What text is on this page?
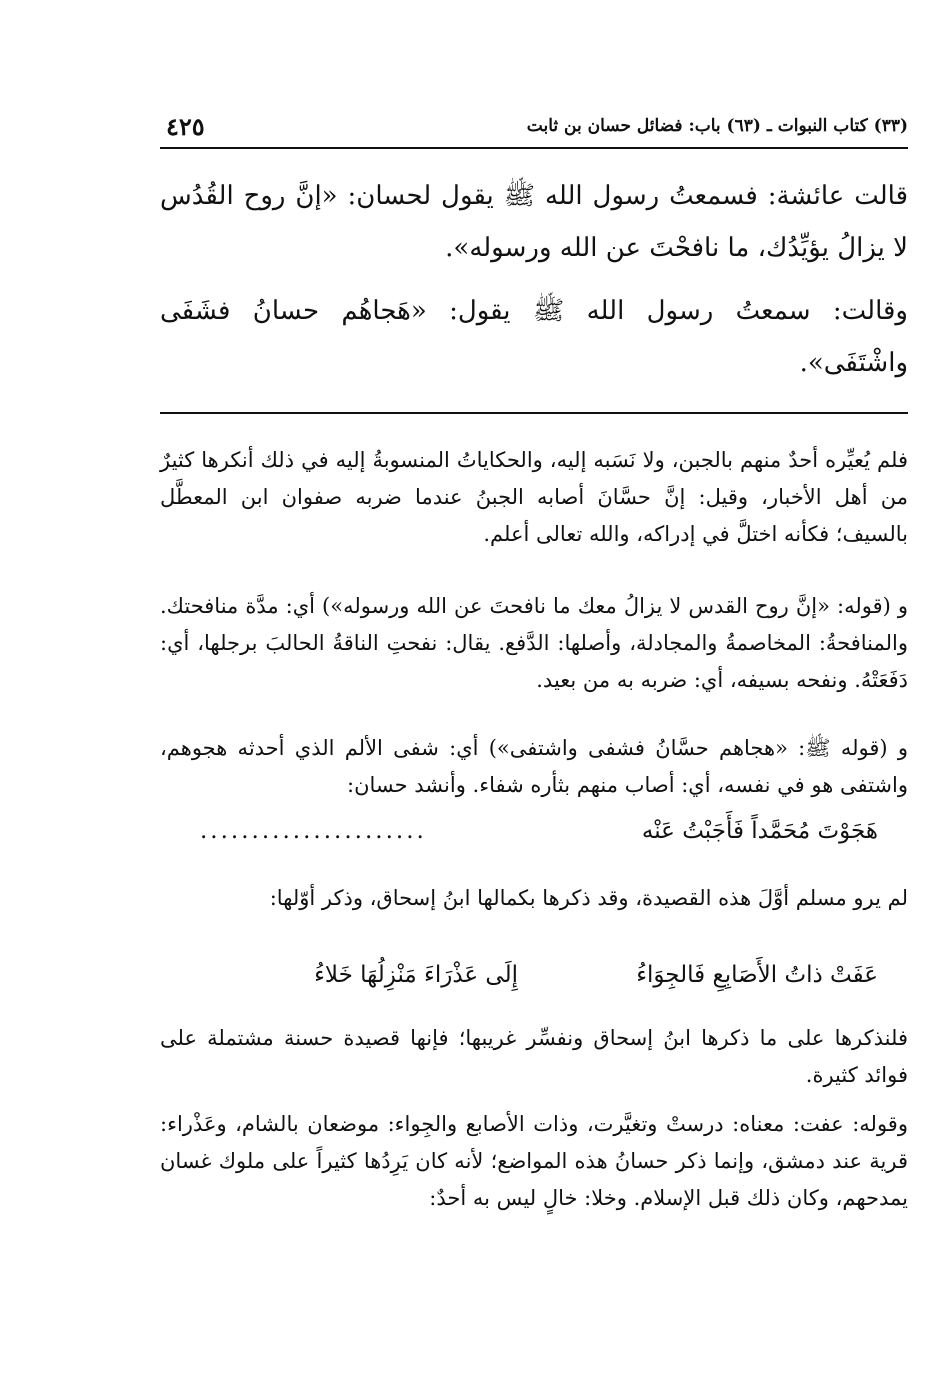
(٣٣) كتاب النبوات ـ (٦٣) باب: فضائل حسان بن ثابت
٤٢٥

قالت عائشة: فسمعتُ رسول الله ﷺ يقول لحسان: «إنَّ روح القُدُس لا يزالُ يؤيِّدُك، ما نافحْتَ عن الله ورسوله».

وقالت: سمعتُ رسول الله ﷺ يقول: «هَجاهُم حسانُ فشَفَى واشْتَفَى».

فلم يُعيِّره أحدٌ منهم بالجبن، ولا نَسَبه إليه، والحكاياتُ المنسوبةُ إليه في ذلك أنكرها كثيرٌ من أهل الأخبار، وقيل: إنَّ حسَّانَ أصابه الجبنُ عندما ضربه صفوان ابن المعطَّل بالسيف؛ فكأنه اختلَّ في إدراكه، والله تعالى أعلم.

و (قوله: «إنَّ روح القدس لا يزالُ معك ما نافحتَ عن الله ورسوله») أي: مدَّة منافحتك. والمنافحةُ: المخاصمةُ والمجادلة، وأصلها: الدَّفع. يقال: نفحتِ الناقةُ الحالبَ برجلها، أي: دَفَعَتْهُ. ونفحه بسيفه، أي: ضربه به من بعيد.

و (قوله ﷺ: «هجاهم حسَّانُ فشفى واشتفى») أي: شفى الألم الذي أحدثه هجوهم، واشتفى هو في نفسه، أي: أصاب منهم بثأره شفاء. وأنشد حسان:

هَجَوْتَ مُحَمَّداً فَأَجَبْتُ عَنْه
......................

لم يرو مسلم أوَّلَ هذه القصيدة، وقد ذكرها بكمالها ابنُ إسحاق، وذكر أوّلها:

عَفَتْ ذاتُ الأَصَابِعِ فَالجِوَاءُ
إِلَى عَذْرَاءَ مَنْزِلُهَا خَلاءُ

فلنذكرها على ما ذكرها ابنُ إسحاق ونفسِّر غريبها؛ فإنها قصيدة حسنة مشتملة على فوائد كثيرة.

وقوله: عفت: معناه: درستْ وتغيَّرت، وذات الأصابع والجِواء: موضعان بالشام، وعَذْراء: قرية عند دمشق، وإنما ذكر حسانُ هذه المواضع؛ لأنه كان يَرِدُها كثيراً على ملوك غسان يمدحهم، وكان ذلك قبل الإسلام. وخلا: خالٍ ليس به أحدٌ:
